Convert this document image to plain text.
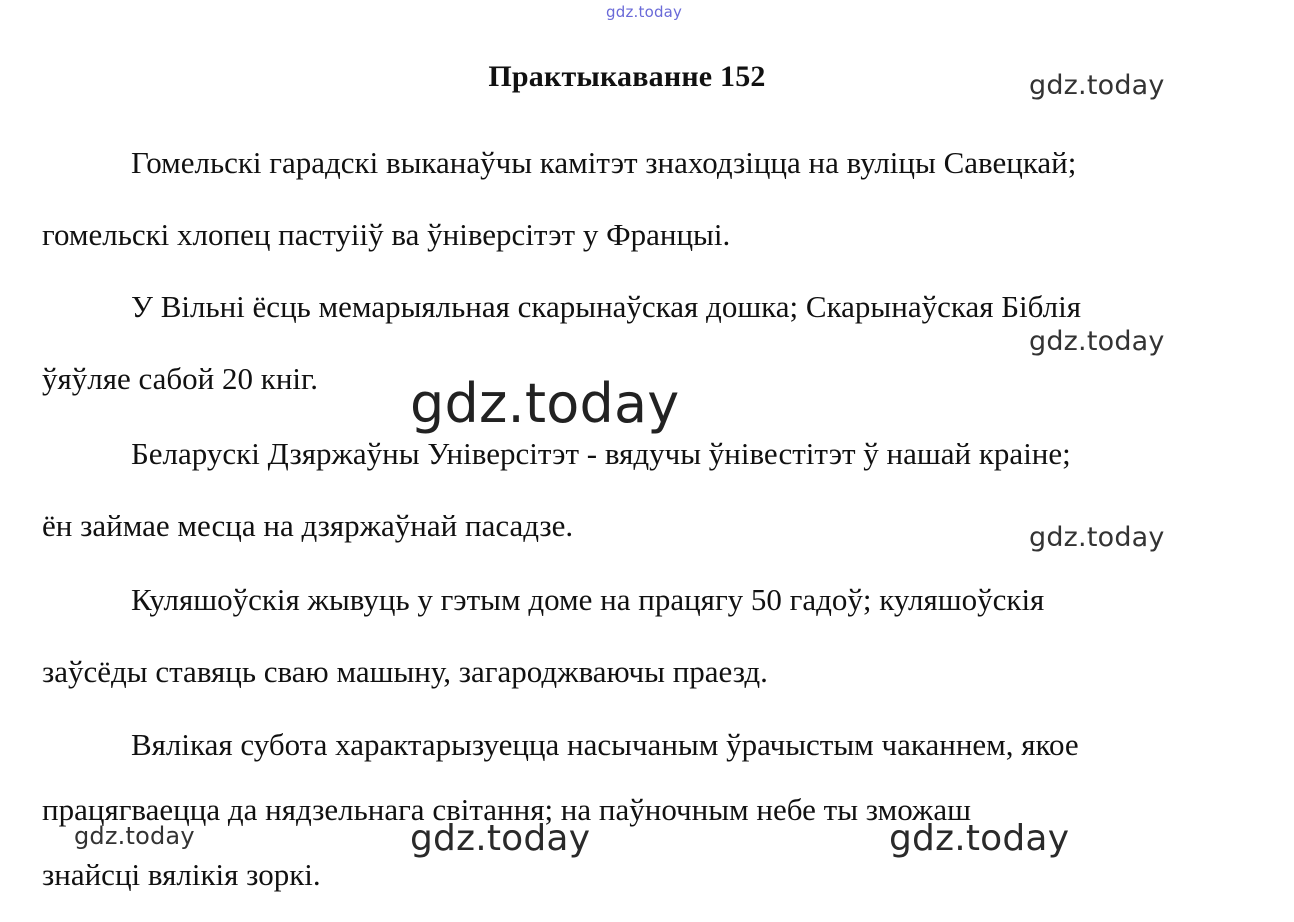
gdz.today
Практыкаванне 152	gdz.today

Гомельскі гарадскі выканаўчы камітэт знаходзіцца на вуліцы Савецкай;
гомельскі хлопец пастуііў ва ўніверсітэт у Францыі.

У Вільні ёсць мемарыяльная скарынаўская дошка; Скарынаўская Біблія
ўяўляе сабой 20 кніг.

gdz.today
gdz.today

Беларускі Дзяржаўны Універсітэт - вядучы ўнівестітэт ў нашай краіне;
ён займае месца на дзяржаўнай пасадзе.	gdz.today

Куляшоўскія жывуць у гэтым доме на працягу 50 гадоў; куляшоўскія
заўсёды ставяць сваю машыну, загароджваючы праезд.

Вялікая субота характарызуецца насычаным ўрачыстым чаканнем, якое
працягваецца да нядзельнага світання; на паўночным небе ты зможаш
знайсці вялікія зоркі.

gdz.today	gdz.today	gdz.today
